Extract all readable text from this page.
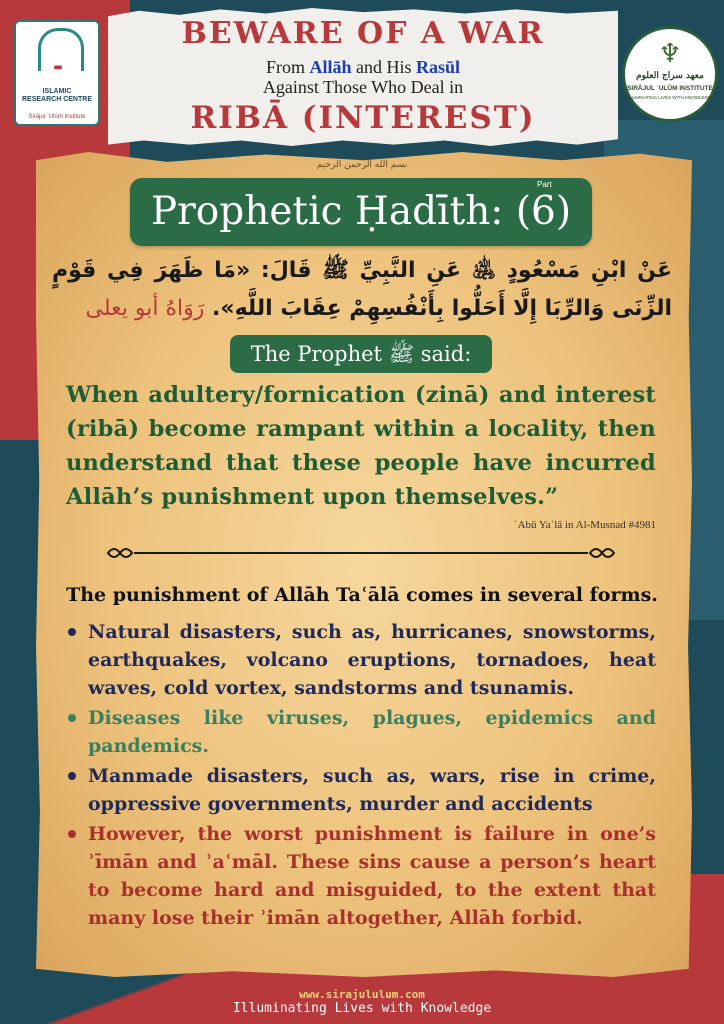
BEWARE OF A WAR
From Allāh and His Rasūl
Against Those Who Deal in
RIBĀ (INTEREST)
▬
ISLAMIC
RESEARCH CENTRE
Sirājul ʿUlūm Institute
♆
معهد سراج العلوم
SIRĀJUL ʿULŪM INSTITUTE
ILLUMINATING LIVES WITH KNOWLEDGE
بسم الله الرحمن الرحيم
Prophetic Ḥadīth: (6)
Part
عَنْ ابْنِ مَسْعُودٍ ﵁ عَنِ النَّبِيِّ ﷺ قَالَ: «مَا ظَهَرَ فِي قَوْمٍ الزِّنَى وَالرِّبَا إِلَّا أَحَلُّوا بِأَنْفُسِهِمْ عِقَابَ اللَّهِ». رَوَاهُ أبو يعلى
The Prophet ﷺ said:
When adultery/fornication (zinā) and interest (ribā) become rampant within a locality, then understand that these people have incurred Allāh’s punishment upon themselves.”
ʾAbū Yaʿlā in Al-Musnad #4981
The punishment of Allāh Taʿālā comes in several forms.
Natural disasters, such as, hurricanes, snowstorms, earthquakes, volcano eruptions, tornadoes, heat waves, cold vortex, sandstorms and tsunamis.
Diseases like viruses, plagues, epidemics and pandemics.
Manmade disasters, such as, wars, rise in crime, oppressive governments, murder and accidents
However, the worst punishment is failure in one’s ʾīmān and ʾaʿmāl. These sins cause a person’s heart to become hard and misguided, to the extent that many lose their ʾimān altogether, Allāh forbid.
www.sirajululum.com
Illuminating Lives with Knowledge
